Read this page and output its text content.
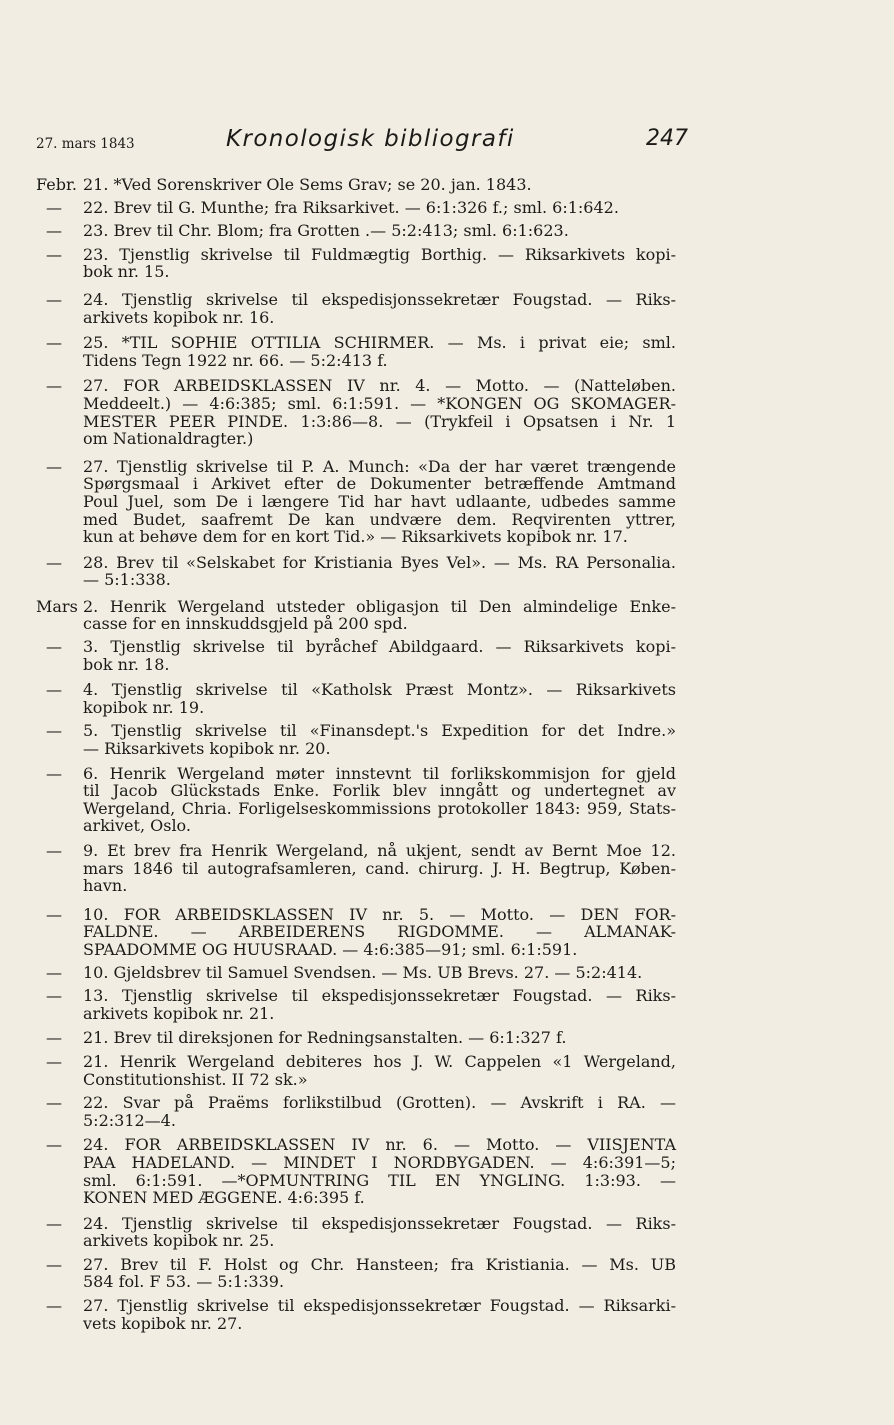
27. mars 1843	Kronologisk bibliografi	247
Febr. 21. *Ved Sorenskriver Ole Sems Grav; se 20. jan. 1843.
—	22. Brev til G. Munthe; fra Riksarkivet. — 6:1:326 f.; sml. 6:1:642.
—	23. Brev til Chr. Blom; fra Grotten .— 5:2:413; sml. 6:1:623.
—	23. Tjenstlig skrivelse til Fuldmægtig Borthig. — Riksarkivets kopi-
bok nr. 15.
—	24. Tjenstlig skrivelse til ekspedisjonssekretær Fougstad. — Riks-
arkivets kopibok nr. 16.
—	25. *TIL SOPHIE OTTILIA SCHIRMER. — Ms. i privat eie; sml.
Tidens Tegn 1922 nr. 66. — 5:2:413 f.
—	27. FOR ARBEIDSKLASSEN IV nr. 4. — Motto. — (Natteløben.
Meddeelt.) — 4:6:385; sml. 6:1:591. — *KONGEN OG SKOMAGER-
MESTER PEER PINDE. 1:3:86—8. — (Trykfeil i Opsatsen i Nr. 1
om Nationaldragter.)
—	27. Tjenstlig skrivelse til P. A. Munch: «Da der har været trængende
Spørgsmaal i Arkivet efter de Dokumenter betræffende Amtmand
Poul Juel, som De i længere Tid har havt udlaante, udbedes samme
med Budet, saafremt De kan undvære dem. Reqvirenten yttrer,
kun at behøve dem for en kort Tid.» — Riksarkivets kopibok nr. 17.
—	28. Brev til «Selskabet for Kristiania Byes Vel». — Ms. RA Personalia.
— 5:1:338.
Mars 2. Henrik Wergeland utsteder obligasjon til Den almindelige Enke-
casse for en innskuddsgjeld på 200 spd.
—	3. Tjenstlig skrivelse til byråchef Abildgaard. — Riksarkivets kopi-
bok nr. 18.
—	4. Tjenstlig skrivelse til «Katholsk Præst Montz». — Riksarkivets
kopibok nr. 19.
—	5. Tjenstlig skrivelse til «Finansdept.'s Expedition for det Indre.»
— Riksarkivets kopibok nr. 20.
—	6. Henrik Wergeland møter innstevnt til forlikskommisjon for gjeld
til Jacob Glückstads Enke. Forlik blev inngått og undertegnet av
Wergeland, Chria. Forligelseskommissions protokoller 1843: 959, Stats-
arkivet, Oslo.
—	9. Et brev fra Henrik Wergeland, nå ukjent, sendt av Bernt Moe 12.
mars 1846 til autografsamleren, cand. chirurg. J. H. Begtrup, Køben-
havn.
—	10. FOR ARBEIDSKLASSEN IV nr. 5. — Motto. — DEN FOR-
FALDNE. — ARBEIDERENS RIGDOMME. — ALMANAK-
SPAADOMME OG HUUSRAAD. — 4:6:385—91; sml. 6:1:591.
—	10. Gjeldsbrev til Samuel Svendsen. — Ms. UB Brevs. 27. — 5:2:414.
—	13. Tjenstlig skrivelse til ekspedisjonssekretær Fougstad. — Riks-
arkivets kopibok nr. 21.
—	21. Brev til direksjonen for Redningsanstalten. — 6:1:327 f.
—	21. Henrik Wergeland debiteres hos J. W. Cappelen «1 Wergeland,
Constitutionshist. II 72 sk.»
—	22. Svar på Praëms forlikstilbud (Grotten). — Avskrift i RA. —
5:2:312—4.
—	24. FOR ARBEIDSKLASSEN IV nr. 6. — Motto. — VIISJENTA
PAA HADELAND. — MINDET I NORDBYGADEN. — 4:6:391—5;
sml. 6:1:591. —*OPMUNTRING TIL EN YNGLING. 1:3:93. —
KONEN MED ÆGGENE. 4:6:395 f.
—	24. Tjenstlig skrivelse til ekspedisjonssekretær Fougstad. — Riks-
arkivets kopibok nr. 25.
—	27. Brev til F. Holst og Chr. Hansteen; fra Kristiania. — Ms. UB
584 fol. F 53. — 5:1:339.
—	27. Tjenstlig skrivelse til ekspedisjonssekretær Fougstad. — Riksarki-
vets kopibok nr. 27.
